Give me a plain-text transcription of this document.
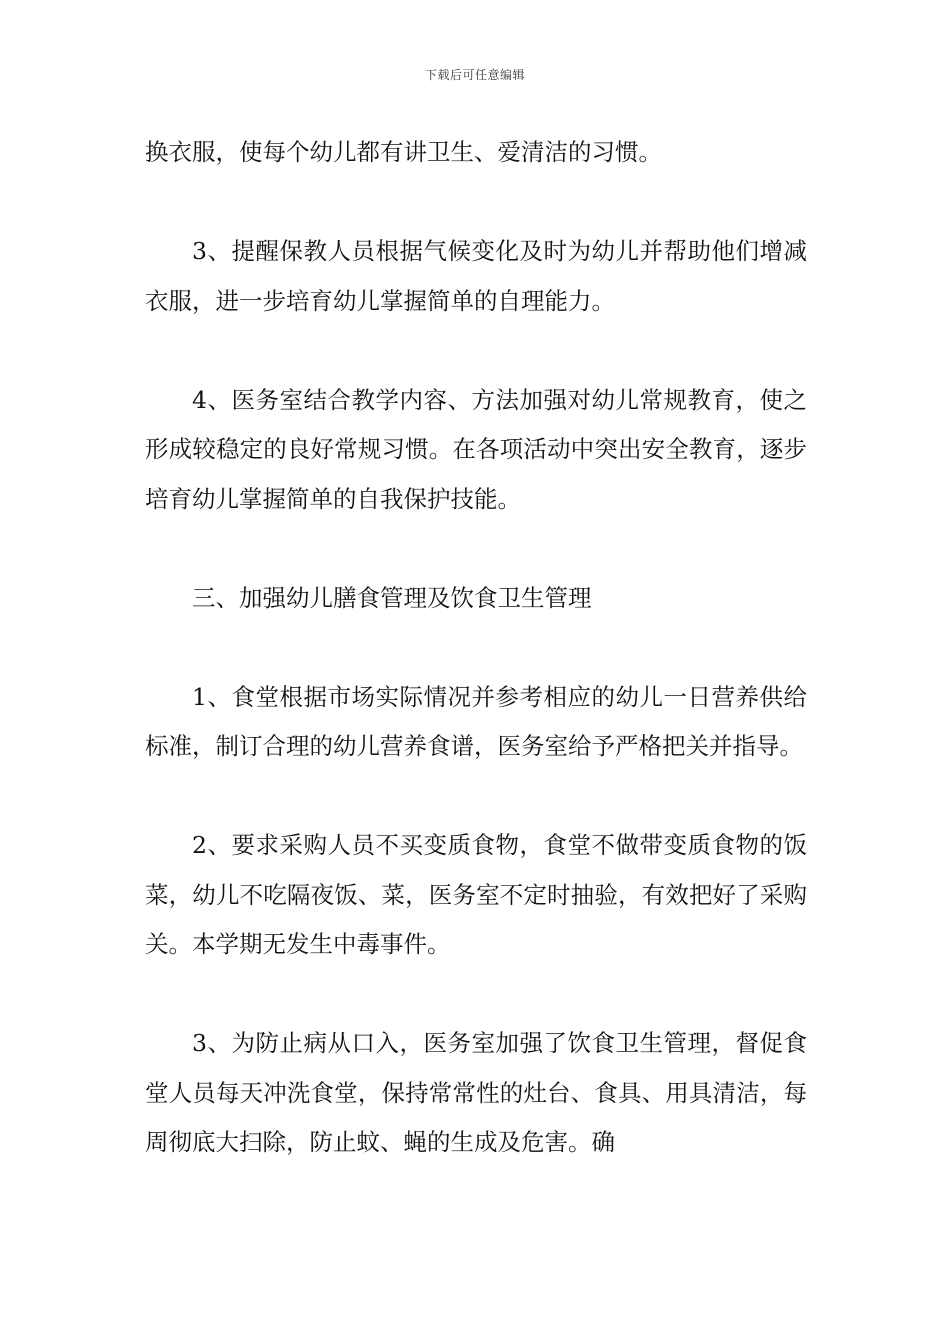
下载后可任意编辑

换衣服，使每个幼儿都有讲卫生、爱清洁的习惯。

3、提醒保教人员根据气候变化及时为幼儿并帮助他们增减衣服，进一步培育幼儿掌握简单的自理能力。

4、医务室结合教学内容、方法加强对幼儿常规教育，使之形成较稳定的良好常规习惯。在各项活动中突出安全教育，逐步培育幼儿掌握简单的自我保护技能。

三、加强幼儿膳食管理及饮食卫生管理

1、食堂根据市场实际情况并参考相应的幼儿一日营养供给标准，制订合理的幼儿营养食谱，医务室给予严格把关并指导。

2、要求采购人员不买变质食物，食堂不做带变质食物的饭菜，幼儿不吃隔夜饭、菜，医务室不定时抽验，有效把好了采购关。本学期无发生中毒事件。

3、为防止病从口入，医务室加强了饮食卫生管理，督促食堂人员每天冲洗食堂，保持常常性的灶台、食具、用具清洁，每周彻底大扫除，防止蚊、蝇的生成及危害。确
